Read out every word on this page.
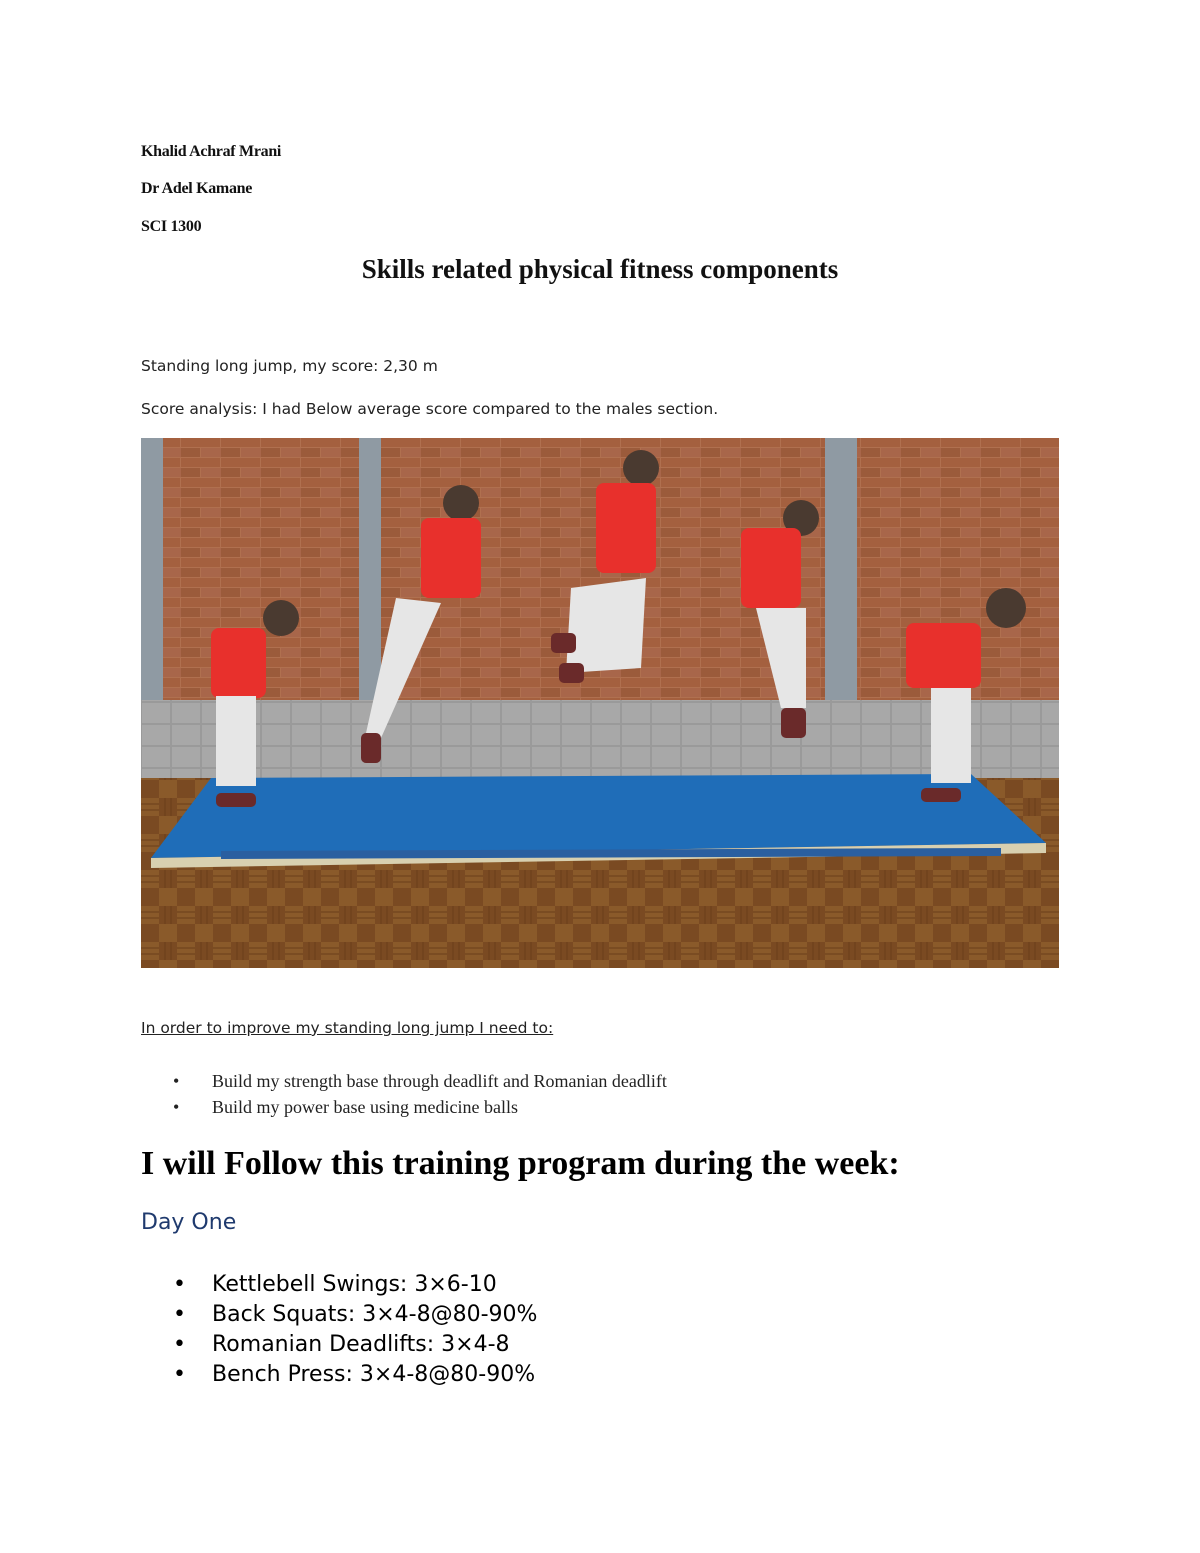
Khalid Achraf Mrani
Dr Adel Kamane
SCI 1300
Skills related physical fitness components
Standing long jump, my score: 2,30 m
Score analysis: I had Below average score compared to the males section.
In order to improve my standing long jump I need to:
• Build my strength base through deadlift and Romanian deadlift
• Build my power base using medicine balls
I will Follow this training program during the week:
Day One
• Kettlebell Swings: 3×6-10
• Back Squats: 3×4-8@80-90%
• Romanian Deadlifts: 3×4-8
• Bench Press: 3×4-8@80-90%
